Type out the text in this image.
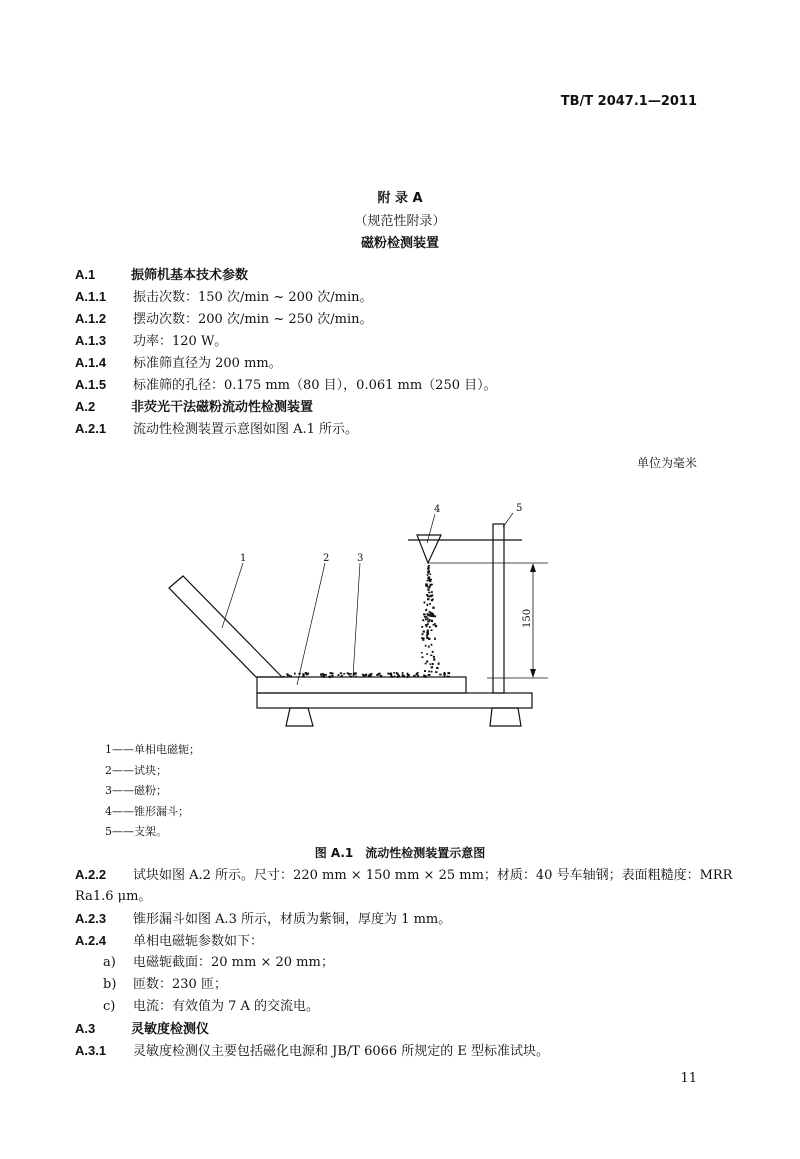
TB/T 2047.1—2011
附 录 A
（规范性附录）
磁粉检测装置
A.1	振筛机基本技术参数
A.1.1 振击次数：150 次/min ~ 200 次/min。
A.1.2 摆动次数：200 次/min ~ 250 次/min。
A.1.3 功率：120 W。
A.1.4 标准筛直径为 200 mm。
A.1.5 标准筛的孔径：0.175 mm（80 目），0.061 mm（250 目）。
A.2	非荧光干法磁粉流动性检测装置
A.2.1 流动性检测装置示意图如图 A.1 所示。
单位为毫米
1	2	3
4	5
150
1——单相电磁轭；
2——试块；
3——磁粉；
4——锥形漏斗；
5——支架。
图 A.1　流动性检测装置示意图
A.2.2 试块如图 A.2 所示。尺寸：220 mm × 150 mm × 25 mm；材质：40 号车轴钢；表面粗糙度：MRR
Ra1.6 μm。
A.2.3 锥形漏斗如图 A.3 所示，材质为紫铜，厚度为 1 mm。
A.2.4 单相电磁轭参数如下：
a) 电磁轭截面：20 mm × 20 mm；
b) 匝数：230 匝；
c) 电流：有效值为 7 A 的交流电。
A.3	灵敏度检测仪
A.3.1 灵敏度检测仪主要包括磁化电源和 JB/T 6066 所规定的 E 型标准试块。
11
